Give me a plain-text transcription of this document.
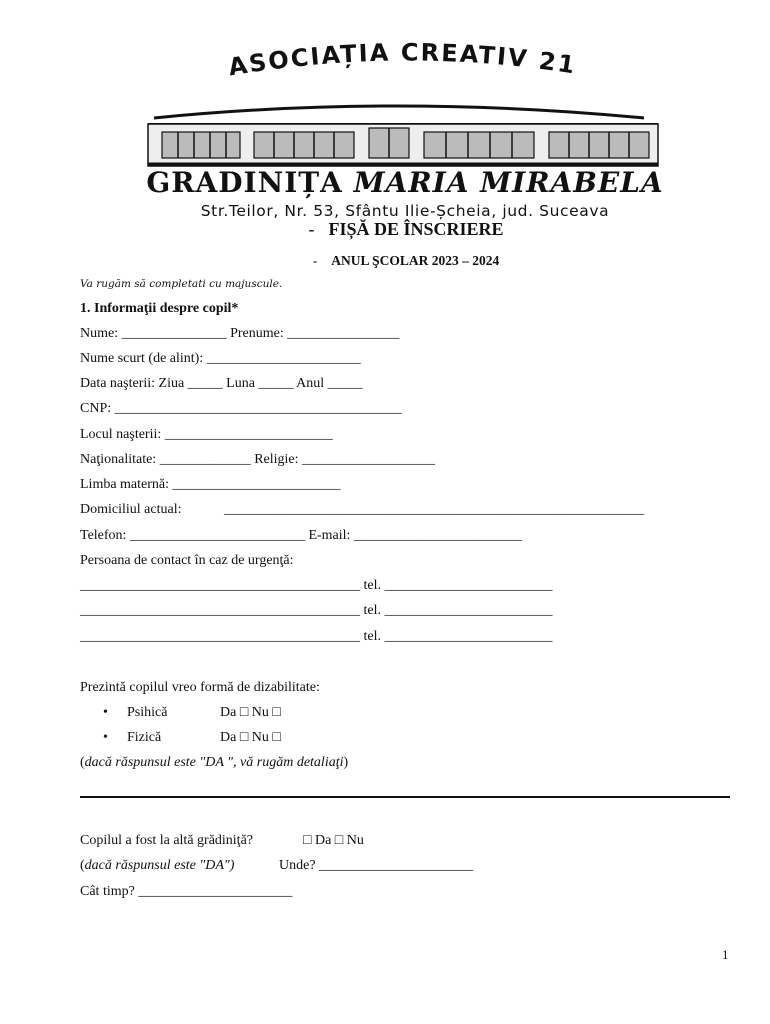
ASOCIAȚIA CREATIV 21
GRADINIȚA MARIA MIRABELA
Str.Teilor, Nr. 53, Sfântu Ilie-Șcheia, jud. Suceava
- FIȘĂ DE ÎNSCRIERE
- ANUL ŞCOLAR 2023 – 2024
Va rugăm să completati cu majuscule.
1. Informaţii despre copil*
Nume: _______________ Prenume: ________________
Nume scurt (de alint): ______________________
Data naşterii: Ziua _____ Luna _____ Anul _____
CNP: _________________________________________
Locul naşterii: ________________________
Naţionalitate: _____________ Religie: ___________________
Limba maternă: ________________________
Domiciliul actual:	____________________________________________________________
Telefon: _________________________ E-mail: ________________________
Persoana de contact în caz de urgenţă:
________________________________________ tel. ________________________
________________________________________ tel. ________________________
________________________________________ tel. ________________________
Prezintă copilul vreo formă de dizabilitate:
• Psihică	Da □ Nu □
• Fizică	Da □ Nu □
(dacă răspunsul este "DA ", vă rugăm detaliaţi)
Copilul a fost la altă grădiniţă?	□ Da □ Nu
(dacă răspunsul este "DA")	Unde? ______________________
Cât timp? ______________________
1
